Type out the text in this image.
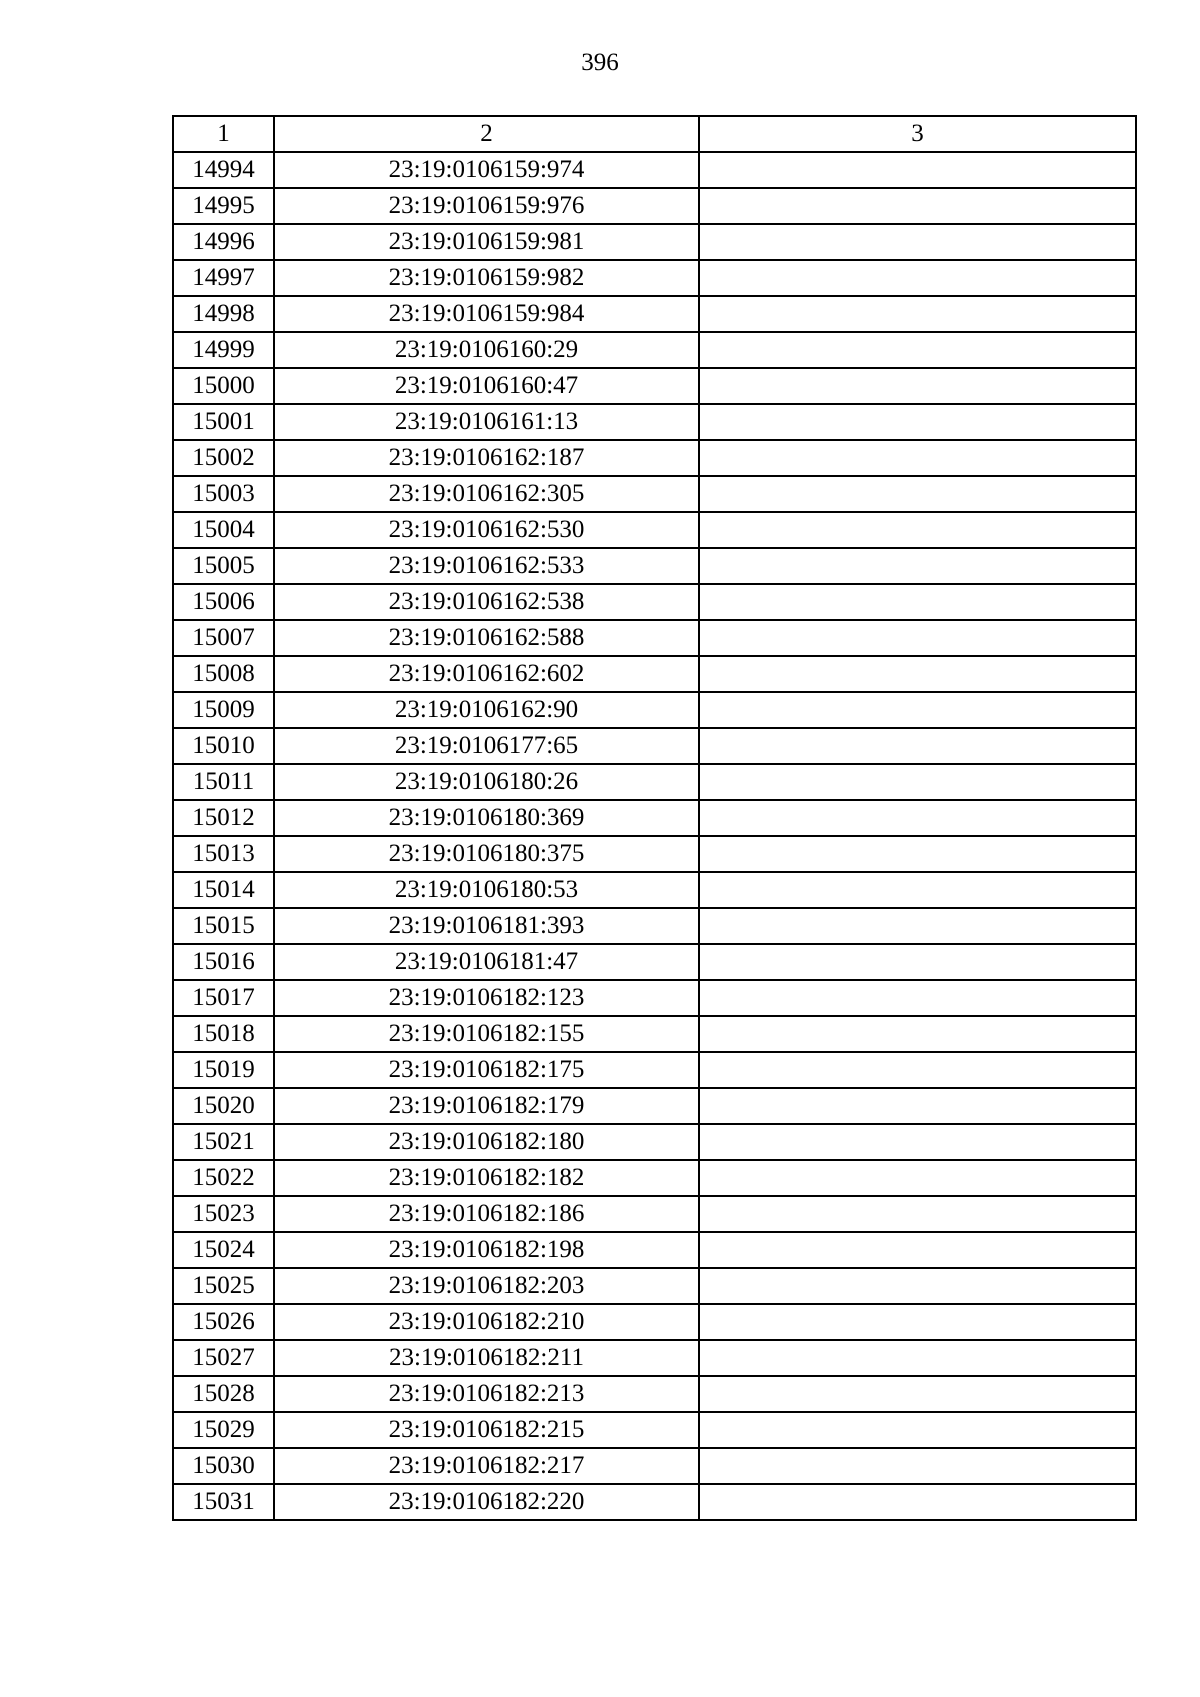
396
1	2	3
14994	23:19:0106159:974	
14995	23:19:0106159:976	
14996	23:19:0106159:981	
14997	23:19:0106159:982	
14998	23:19:0106159:984	
14999	23:19:0106160:29	
15000	23:19:0106160:47	
15001	23:19:0106161:13	
15002	23:19:0106162:187	
15003	23:19:0106162:305	
15004	23:19:0106162:530	
15005	23:19:0106162:533	
15006	23:19:0106162:538	
15007	23:19:0106162:588	
15008	23:19:0106162:602	
15009	23:19:0106162:90	
15010	23:19:0106177:65	
15011	23:19:0106180:26	
15012	23:19:0106180:369	
15013	23:19:0106180:375	
15014	23:19:0106180:53	
15015	23:19:0106181:393	
15016	23:19:0106181:47	
15017	23:19:0106182:123	
15018	23:19:0106182:155	
15019	23:19:0106182:175	
15020	23:19:0106182:179	
15021	23:19:0106182:180	
15022	23:19:0106182:182	
15023	23:19:0106182:186	
15024	23:19:0106182:198	
15025	23:19:0106182:203	
15026	23:19:0106182:210	
15027	23:19:0106182:211	
15028	23:19:0106182:213	
15029	23:19:0106182:215	
15030	23:19:0106182:217	
15031	23:19:0106182:220	
